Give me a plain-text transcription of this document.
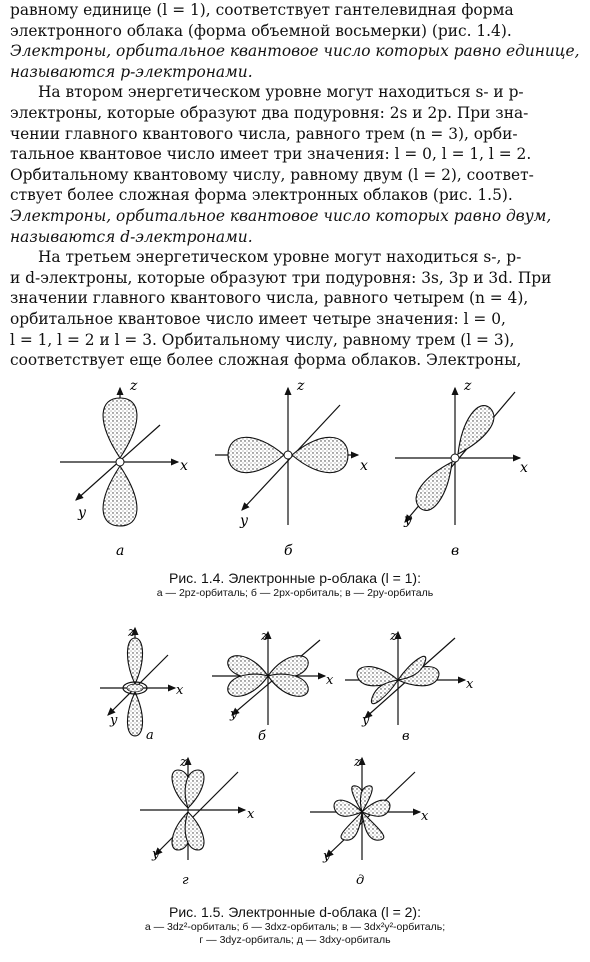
равному единице (l = 1), соответствует гантелевидная форма

электронного облака (форма объемной восьмерки) (рис. 1.4).

Электроны, орбитальное квантовое число которых равно единице,

называются p-электронами.

На втором энергетическом уровне могут находиться s- и p-

электроны, которые образуют два подуровня: 2s и 2p. При зна-

чении главного квантового числа, равного трем (n = 3), орби-

тальное квантовое число имеет три значения: l = 0, l = 1, l = 2.

Орбитальному квантовому числу, равному двум (l = 2), соответ-

ствует более сложная форма электронных облаков (рис. 1.5).

Электроны, орбитальное квантовое число которых равно двум,

называются d-электронами.

На третьем энергетическом уровне могут находиться s-, p-

и d-электроны, которые образуют три подуровня: 3s, 3p и 3d. При

значении главного квантового числа, равного четырем (n = 4),

орбитальное квантовое число имеет четыре значения: l = 0,

l = 1, l = 2 и l = 3. Орбитальному числу, равному трем (l = 3),

соответствует еще более сложная форма облаков. Электроны,

z
x
y
а
z
x
y
б
z
x
y
в
z
x
y
а
z
x
y
б
z
x
y
в
z
x
y
г
z
x
y
д
Рис. 1.4. Электронные p-облака (l = 1):
а — 2pz-орбиталь; б — 2px-орбиталь; в — 2py-орбиталь
Рис. 1.5. Электронные d-облака (l = 2):
а — 3dz²-орбиталь; б — 3dxz-орбиталь; в — 3dx²y²-орбиталь;
г — 3dyz-орбиталь; д — 3dxy-орбиталь
